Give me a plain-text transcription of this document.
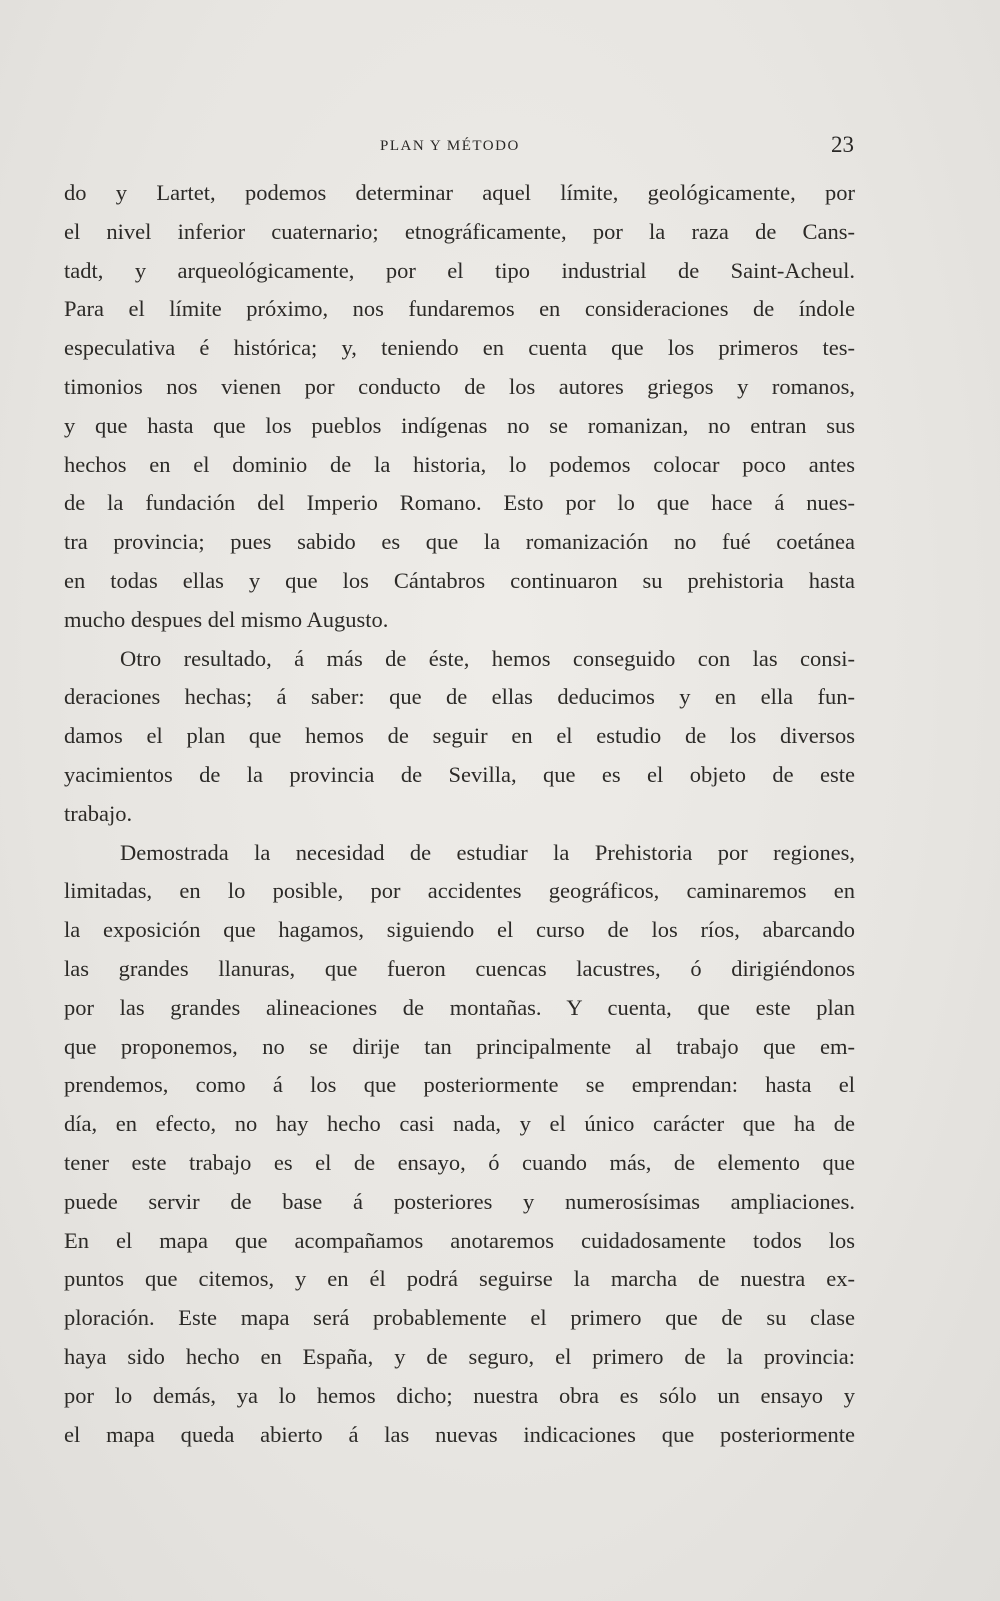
PLAN Y MÉTODO	23
do y Lartet, podemos determinar aquel límite, geológicamente, por
el nivel inferior cuaternario; etnográficamente, por la raza de Cans-
tadt, y arqueológicamente, por el tipo industrial de Saint-Acheul.
Para el límite próximo, nos fundaremos en consideraciones de índole
especulativa é histórica; y, teniendo en cuenta que los primeros tes-
timonios nos vienen por conducto de los autores griegos y romanos,
y que hasta que los pueblos indígenas no se romanizan, no entran sus
hechos en el dominio de la historia, lo podemos colocar poco antes
de la fundación del Imperio Romano. Esto por lo que hace á nues-
tra provincia; pues sabido es que la romanización no fué coetánea
en todas ellas y que los Cántabros continuaron su prehistoria hasta
mucho despues del mismo Augusto.
Otro resultado, á más de éste, hemos conseguido con las consi-
deraciones hechas; á saber: que de ellas deducimos y en ella fun-
damos el plan que hemos de seguir en el estudio de los diversos
yacimientos de la provincia de Sevilla, que es el objeto de este
trabajo.
Demostrada la necesidad de estudiar la Prehistoria por regiones,
limitadas, en lo posible, por accidentes geográficos, caminaremos en
la exposición que hagamos, siguiendo el curso de los ríos, abarcando
las grandes llanuras, que fueron cuencas lacustres, ó dirigiéndonos
por las grandes alineaciones de montañas. Y cuenta, que este plan
que proponemos, no se dirije tan principalmente al trabajo que em-
prendemos, como á los que posteriormente se emprendan: hasta el
día, en efecto, no hay hecho casi nada, y el único carácter que ha de
tener este trabajo es el de ensayo, ó cuando más, de elemento que
puede servir de base á posteriores y numerosísimas ampliaciones.
En el mapa que acompañamos anotaremos cuidadosamente todos los
puntos que citemos, y en él podrá seguirse la marcha de nuestra ex-
ploración. Este mapa será probablemente el primero que de su clase
haya sido hecho en España, y de seguro, el primero de la provincia:
por lo demás, ya lo hemos dicho; nuestra obra es sólo un ensayo y
el mapa queda abierto á las nuevas indicaciones que posteriormente
